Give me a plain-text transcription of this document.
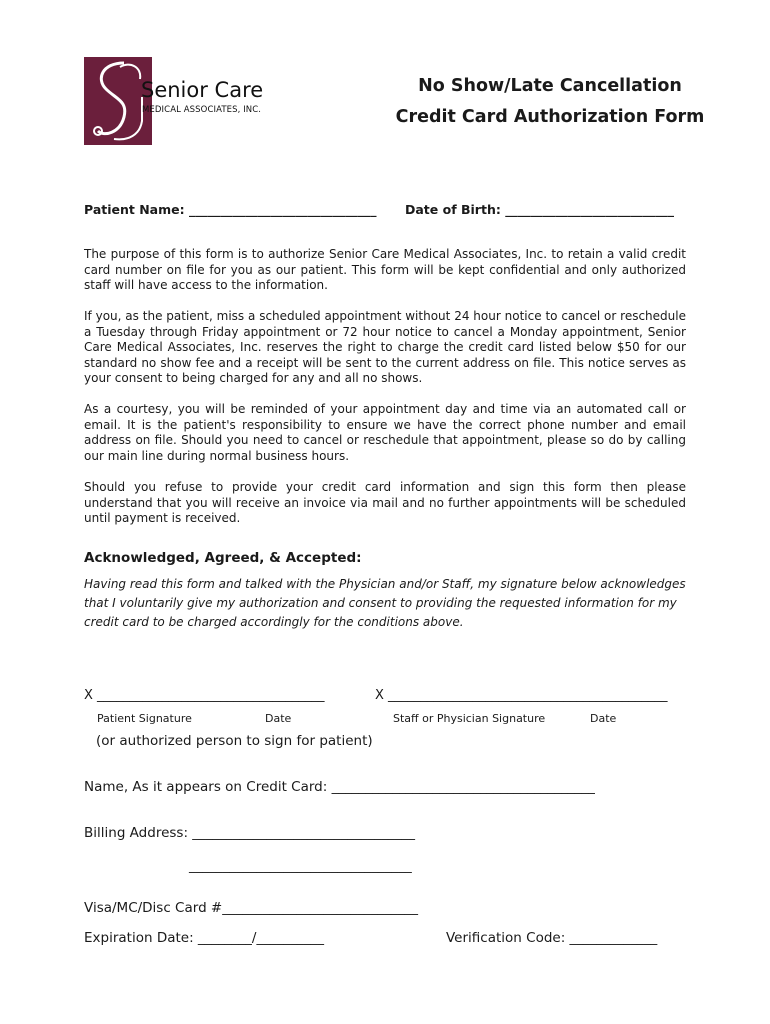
Senior Care
MEDICAL ASSOCIATES, INC.
No Show/Late Cancellation
Credit Card Authorization Form
Patient Name: ______________________________ Date of Birth: ___________________________
The purpose of this form is to authorize Senior Care Medical Associates, Inc. to retain a valid credit card number on file for you as our patient. This form will be kept confidential and only authorized staff will have access to the information.
If you, as the patient, miss a scheduled appointment without 24 hour notice to cancel or reschedule a Tuesday through Friday appointment or 72 hour notice to cancel a Monday appointment, Senior Care Medical Associates, Inc. reserves the right to charge the credit card listed below $50 for our standard no show fee and a receipt will be sent to the current address on file. This notice serves as your consent to being charged for any and all no shows.
As a courtesy, you will be reminded of your appointment day and time via an automated call or email. It is the patient's responsibility to ensure we have the correct phone number and email address on file. Should you need to cancel or reschedule that appointment, please so do by calling our main line during normal business hours.
Should you refuse to provide your credit card information and sign this form then please understand that you will receive an invoice via mail and no further appointments will be scheduled until payment is received.
Acknowledged, Agreed, & Accepted:
Having read this form and talked with the Physician and/or Staff, my signature below acknowledges that I voluntarily give my authorization and consent to providing the requested information for my credit card to be charged accordingly for the conditions above.
X ___________________________________	X ___________________________________________
Patient Signature	Date	Staff or Physician Signature	Date
(or authorized person to sign for patient)
Name, As it appears on Credit Card: _______________________________________
Billing Address: _________________________________
_________________________________
Visa/MC/Disc Card #_____________________________
Expiration Date: ________/__________	Verification Code: _____________
